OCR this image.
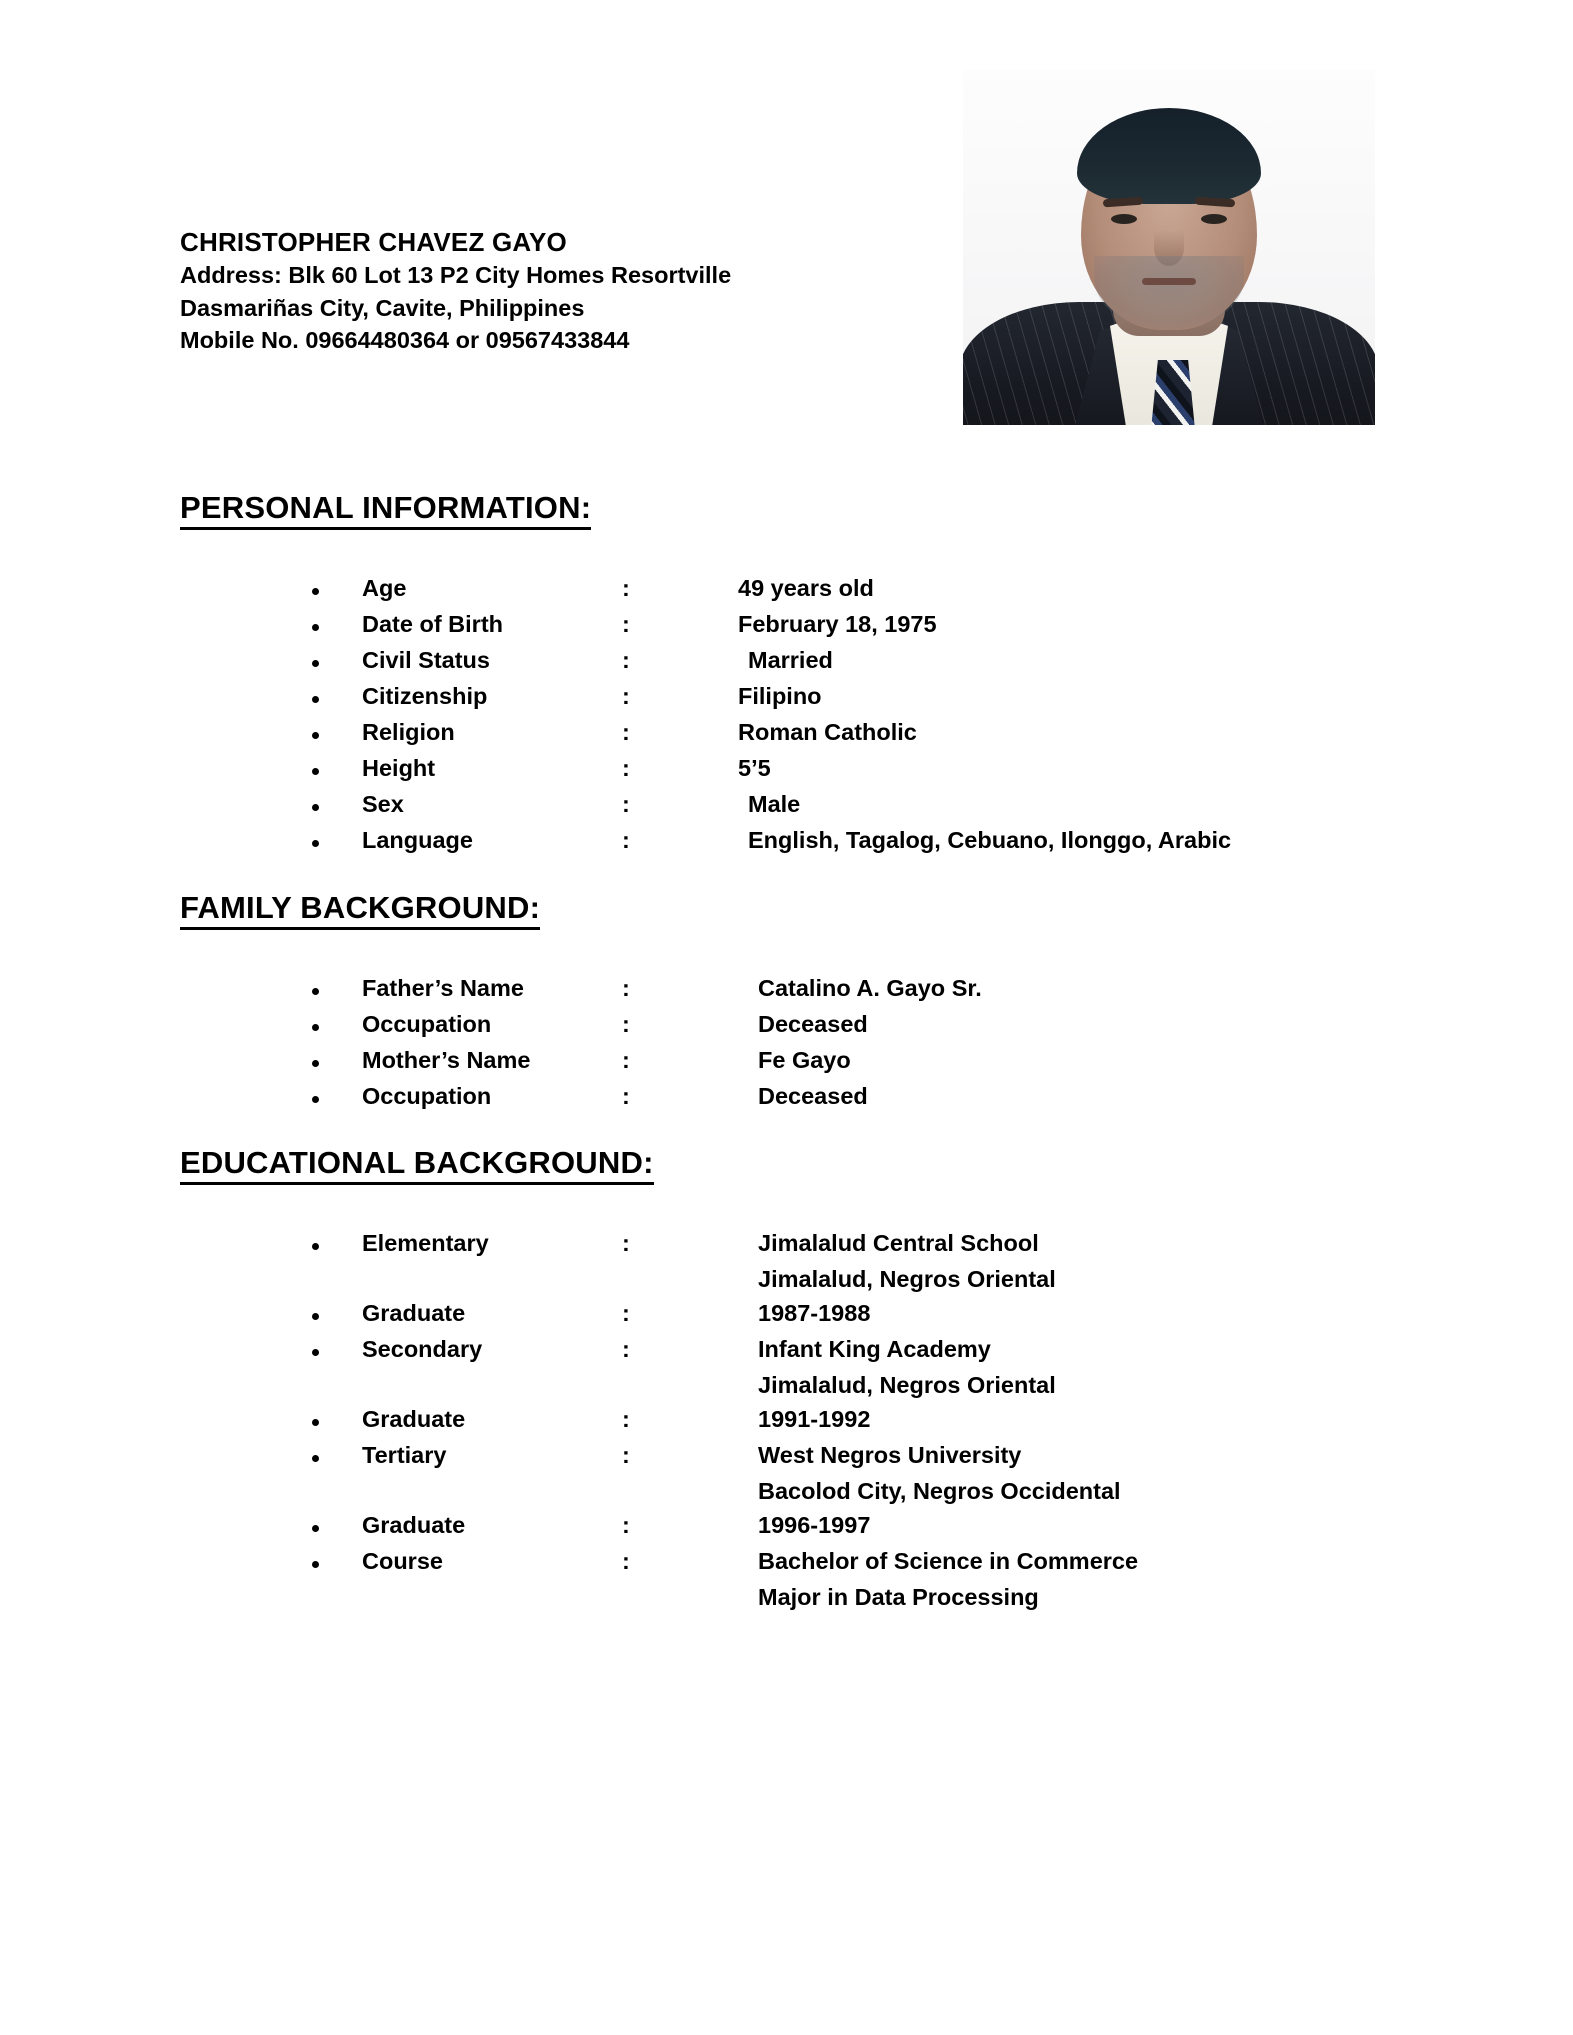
CHRISTOPHER CHAVEZ GAYO
Address: Blk 60 Lot 13 P2 City Homes Resortville
Dasmariñas City, Cavite, Philippines
Mobile No. 09664480364 or 09567433844
PERSONAL INFORMATION:
Age	:	49 years old
Date of Birth	:	February 18, 1975
Civil Status	:	Married
Citizenship	:	Filipino
Religion	:	Roman Catholic
Height	:	5’5
Sex	:	Male
Language	:	English, Tagalog, Cebuano, Ilonggo, Arabic
FAMILY BACKGROUND:
Father’s Name	:	Catalino A. Gayo Sr.
Occupation	:	Deceased
Mother’s Name	:	Fe Gayo
Occupation	:	Deceased
EDUCATIONAL BACKGROUND:
Elementary	:	Jimalalud Central School
Jimalalud, Negros Oriental
Graduate	:	1987-1988
Secondary	:	Infant King Academy
Jimalalud, Negros Oriental
Graduate	:	1991-1992
Tertiary	:	West Negros University
Bacolod City, Negros Occidental
Graduate	:	1996-1997
Course	:	Bachelor of Science in Commerce
Major in Data Processing
